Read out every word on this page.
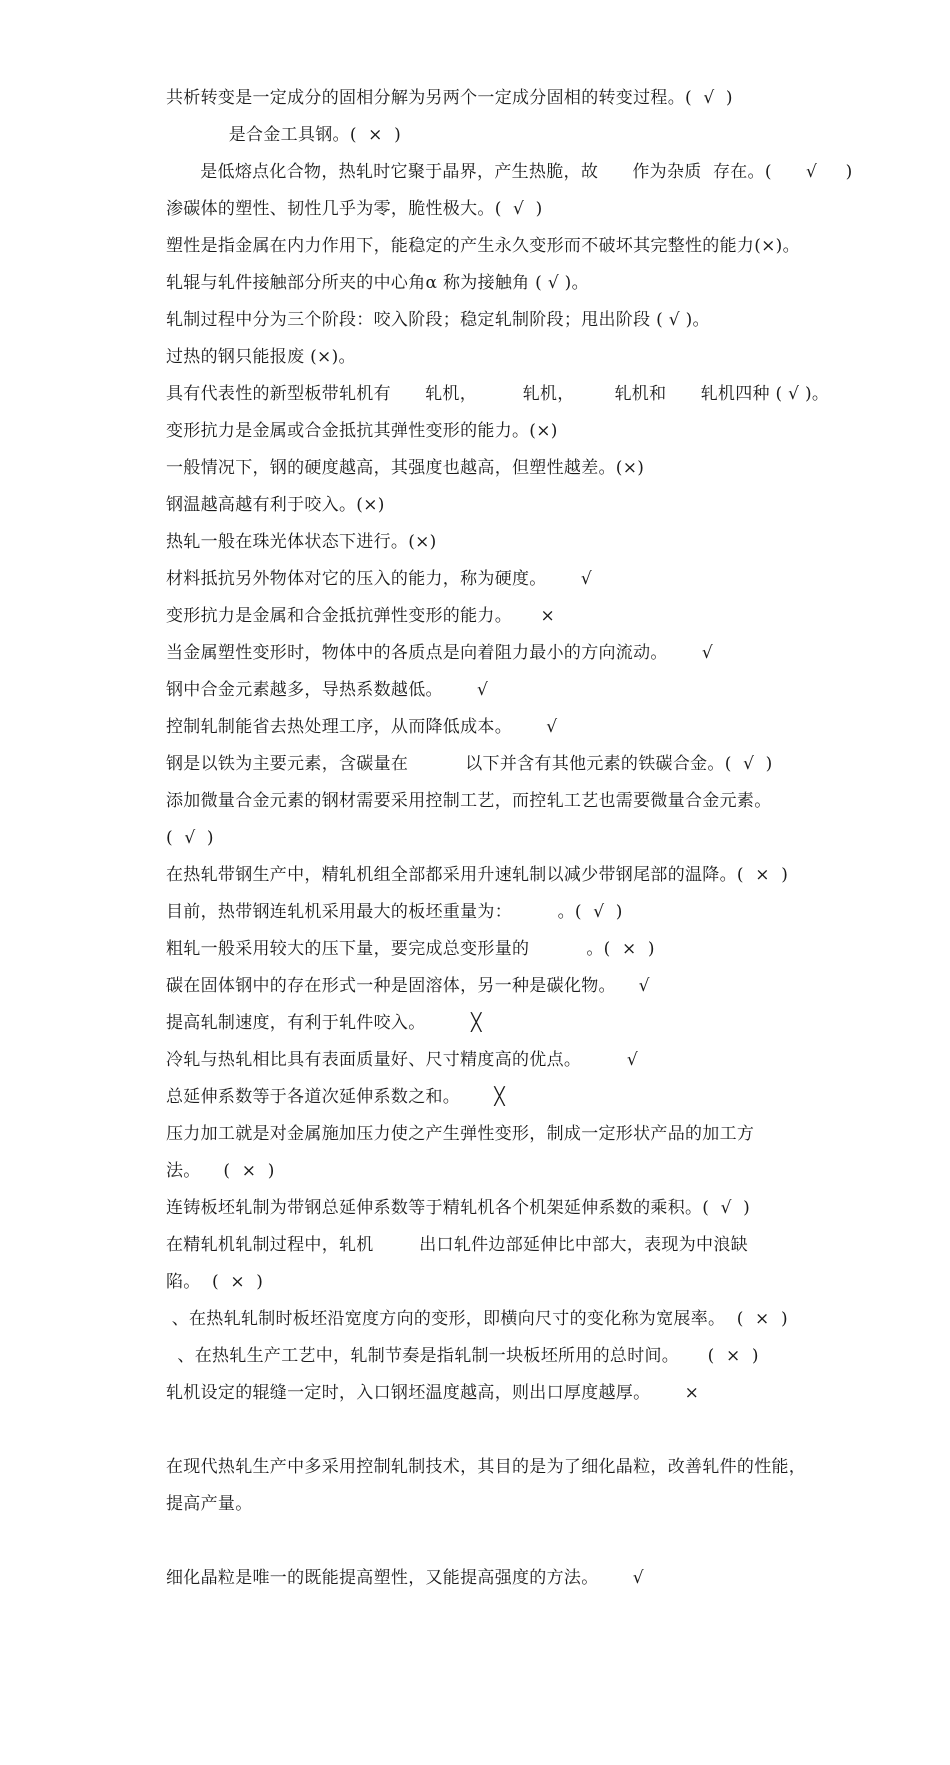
共析转变是一定成分的固相分解为另两个一定成分固相的转变过程。(  √  )
是合金工具钢。(  ×  )
是低熔点化合物，热轧时它聚于晶界，产生热脆，故      作为杂质  存在。(      √     )
渗碳体的塑性、韧性几乎为零，脆性极大。(  √  )
塑性是指金属在内力作用下，能稳定的产生永久变形而不破坏其完整性的能力(×)。
轧辊与轧件接触部分所夹的中心角α 称为接触角 ( √ )。
轧制过程中分为三个阶段：咬入阶段；稳定轧制阶段；甩出阶段 ( √ )。
过热的钢只能报废 (×)。
具有代表性的新型板带轧机有      轧机，        轧机，       轧机和      轧机四种 ( √ )。
变形抗力是金属或合金抵抗其弹性变形的能力。(×)
一般情况下，钢的硬度越高，其强度也越高，但塑性越差。(×)
钢温越高越有利于咬入。(×)
热轧一般在珠光体状态下进行。(×)
材料抵抗另外物体对它的压入的能力，称为硬度。      √
变形抗力是金属和合金抵抗弹性变形的能力。     ×
当金属塑性变形时，物体中的各质点是向着阻力最小的方向流动。      √
钢中合金元素越多，导热系数越低。      √
控制轧制能省去热处理工序，从而降低成本。      √
钢是以铁为主要元素，含碳量在          以下并含有其他元素的铁碳合金。(  √  )
添加微量合金元素的钢材需要采用控制工艺，而控轧工艺也需要微量合金元素。
(  √  )
在热轧带钢生产中，精轧机组全部都采用升速轧制以减少带钢尾部的温降。(  ×  )
目前，热带钢连轧机采用最大的板坯重量为：        。(  √  )
粗轧一般采用较大的压下量，要完成总变形量的          。(  ×  )
碳在固体钢中的存在形式一种是固溶体，另一种是碳化物。    √
提高轧制速度，有利于轧件咬入。        ╳
冷轧与热轧相比具有表面质量好、尺寸精度高的优点。        √
总延伸系数等于各道次延伸系数之和。      ╳
压力加工就是对金属施加压力使之产生弹性变形，制成一定形状产品的加工方
法。    (  ×  )
连铸板坯轧制为带钢总延伸系数等于精轧机各个机架延伸系数的乘积。(  √  )
在精轧机轧制过程中，轧机        出口轧件边部延伸比中部大，表现为中浪缺
陷。  (  ×  )
、在热轧轧制时板坯沿宽度方向的变形，即横向尺寸的变化称为宽展率。  (  ×  )
、在热轧生产工艺中，轧制节奏是指轧制一块板坯所用的总时间。     (  ×  )
轧机设定的辊缝一定时，入口钢坯温度越高，则出口厚度越厚。      ×
在现代热轧生产中多采用控制轧制技术，其目的是为了细化晶粒，改善轧件的性能，
提高产量。
细化晶粒是唯一的既能提高塑性，又能提高强度的方法。      √
